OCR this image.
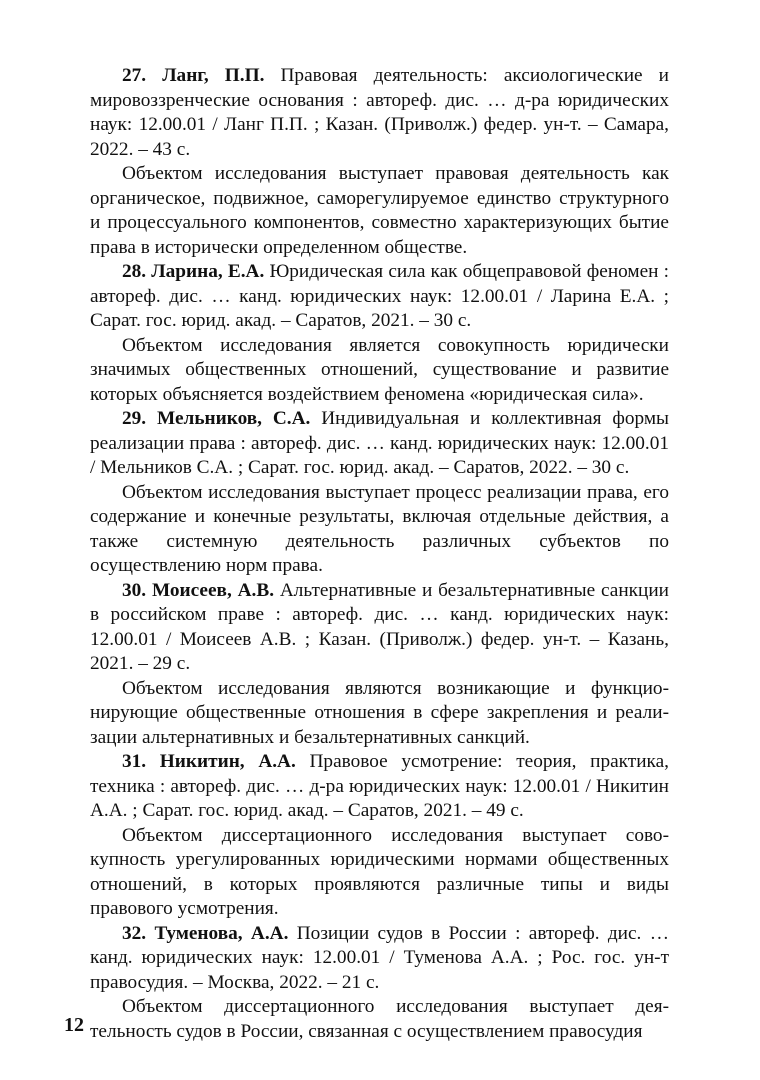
27. Ланг, П.П. Правовая деятельность: аксиологические и мировоззренческие основания : автореф. дис. … д-ра юридических наук: 12.00.01 / Ланг П.П. ; Казан. (Приволж.) федер. ун-т. – Самара, 2022. – 43 с.

Объектом исследования выступает правовая деятельность как органическое, подвижное, саморегулируемое единство структурного и процессуального компонентов, совместно характеризующих бытие права в исторически определенном обществе.

28. Ларина, Е.А. Юридическая сила как общеправовой феномен : автореф. дис. … канд. юридических наук: 12.00.01 / Ларина Е.А. ; Сарат. гос. юрид. акад. – Саратов, 2021. – 30 с.

Объектом исследования является совокупность юридически значимых общественных отношений, существование и развитие которых объясняется воздействием феномена «юридическая сила».

29. Мельников, С.А. Индивидуальная и коллективная формы реализации права : автореф. дис. … канд. юридических наук: 12.00.01 / Мельников С.А. ; Сарат. гос. юрид. акад. – Саратов, 2022. – 30 с.

Объектом исследования выступает процесс реализации права, его содержание и конечные результаты, включая отдельные действия, а также системную деятельность различных субъектов по осуществлению норм права.

30. Моисеев, А.В. Альтернативные и безальтернативные санкции в российском праве : автореф. дис. … канд. юридических наук: 12.00.01 / Моисеев А.В. ; Казан. (Приволж.) федер. ун-т. – Казань, 2021. – 29 с.

Объектом исследования являются возникающие и функционирующие общественные отношения в сфере закрепления и реализации альтернативных и безальтернативных санкций.

31. Никитин, А.А. Правовое усмотрение: теория, практика, техника : автореф. дис. … д-ра юридических наук: 12.00.01 / Никитин А.А. ; Сарат. гос. юрид. акад. – Саратов, 2021. – 49 с.

Объектом диссертационного исследования выступает совокупность урегулированных юридическими нормами общественных отношений, в которых проявляются различные типы и виды правового усмотрения.

32. Туменова, А.А. Позиции судов в России : автореф. дис. … канд. юридических наук: 12.00.01 / Туменова А.А. ; Рос. гос. ун-т правосудия. – Москва, 2022. – 21 с.

Объектом диссертационного исследования выступает деятельность судов в России, связанная с осуществлением правосудия

12
